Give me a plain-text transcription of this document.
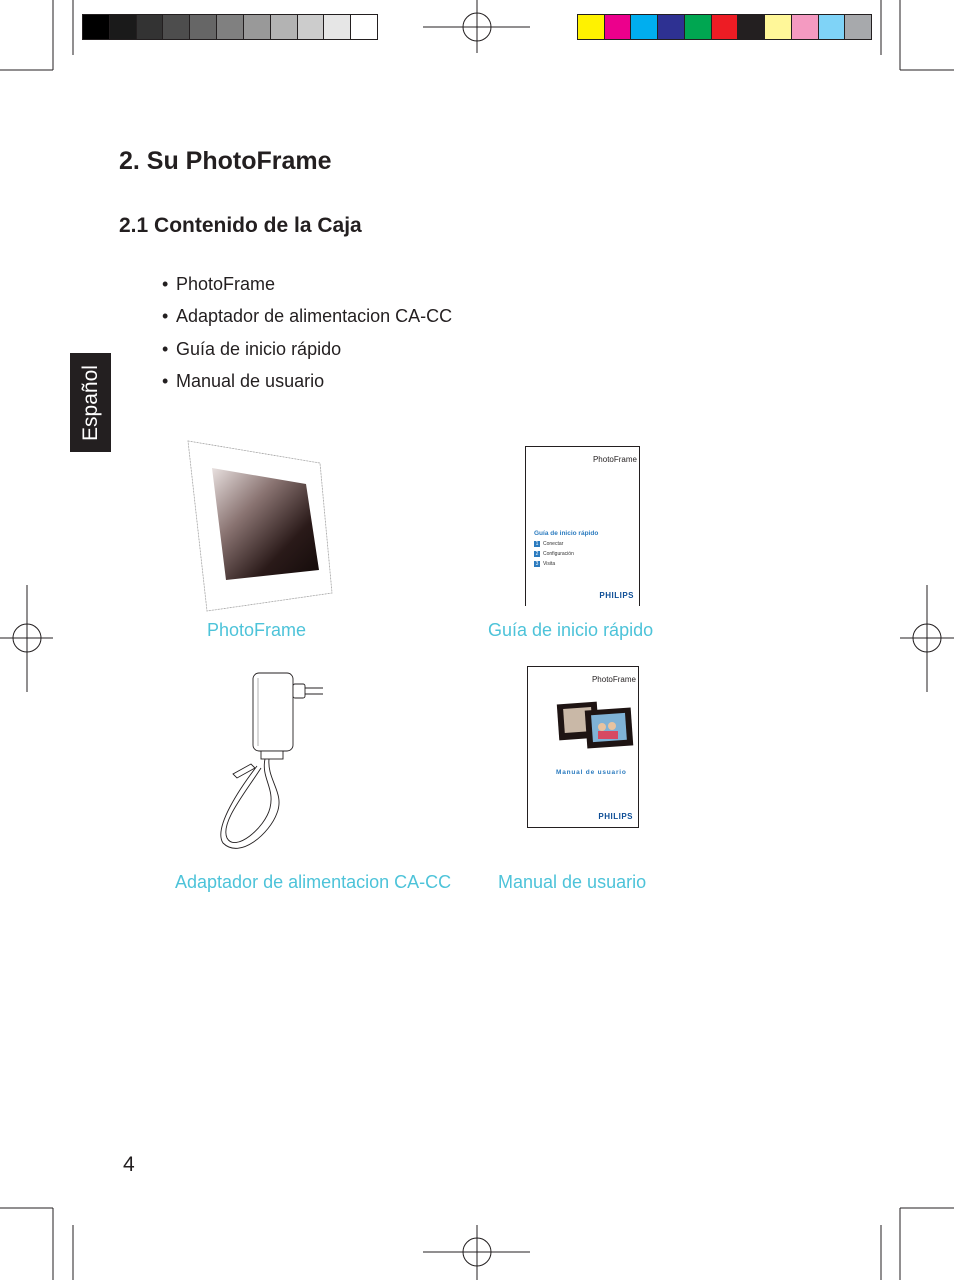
2. Su PhotoFrame
2.1 Contenido de la Caja
Español
• PhotoFrame
• Adaptador de alimentacion CA-CC
• Guía de inicio rápido
• Manual de usuario
PhotoFrame
Guía de inicio rápido
1 Conectar
2 Configuración
3 Visita
PHILIPS
PhotoFrame	Guía de inicio rápido
PhotoFrame
Manual de usuario
PHILIPS
Adaptador de alimentacion CA-CC	Manual de usuario
4
